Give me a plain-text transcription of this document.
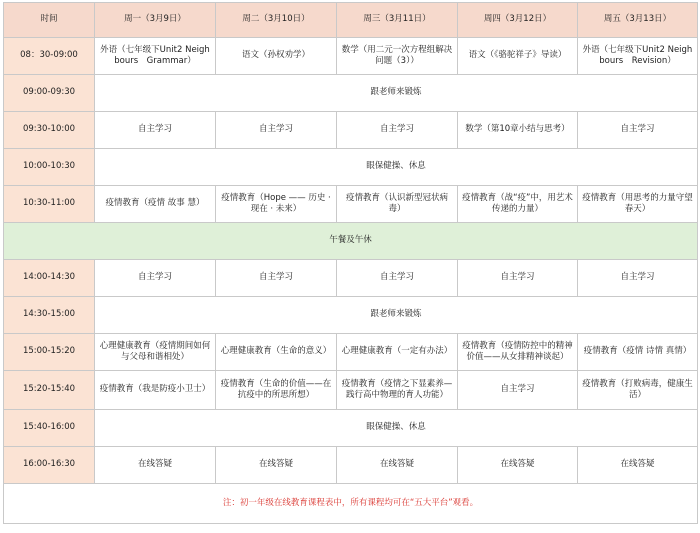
时间	周一（3月9日）	周二（3月10日）	周三（3月11日）	周四（3月12日）	周五（3月13日）
08：30-09:00	外语（七年级下Unit2 Neighbours　Grammar）	语文（孙权劝学）	数学（用二元一次方程组解决问题（3））	语文（《骆驼祥子》导读）	外语（七年级下Unit2 Neighbours　Revision）
09:00-09:30	跟老师来锻炼				
09:30-10:00	自主学习	自主学习	自主学习	数学（第10章小结与思考）	自主学习
10:00-10:30	眼保健操、休息				
10:30-11:00	疫情教育（疫情 故事 慧）	疫情教育（Hope —— 历史 · 现在 · 未来）	疫情教育（认识新型冠状病毒）	疫情教育（战“疫”中，用艺术传递的力量）	疫情教育（用思考的力量守望春天）
午餐及午休					
14:00-14:30	自主学习	自主学习	自主学习	自主学习	自主学习
14:30-15:00	跟老师来锻炼				
15:00-15:20	心理健康教育（疫情期间如何与父母和谐相处）	心理健康教育（生命的意义）	心理健康教育（一定有办法）	疫情教育（疫情防控中的精神价值——从女排精神谈起）	疫情教育（疫情 诗情 真情）
15:20-15:40	疫情教育（我是防疫小卫士）	疫情教育（生命的价值——在抗疫中的所思所想）	疫情教育（疫情之下显素养—践行高中物理的育人功能）	自主学习	疫情教育（打败病毒，健康生活）
15:40-16:00	眼保健操、休息				
16:00-16:30	在线答疑	在线答疑	在线答疑	在线答疑	在线答疑
注：初一年级在线教育课程表中，所有课程均可在“五大平台”观看。					
